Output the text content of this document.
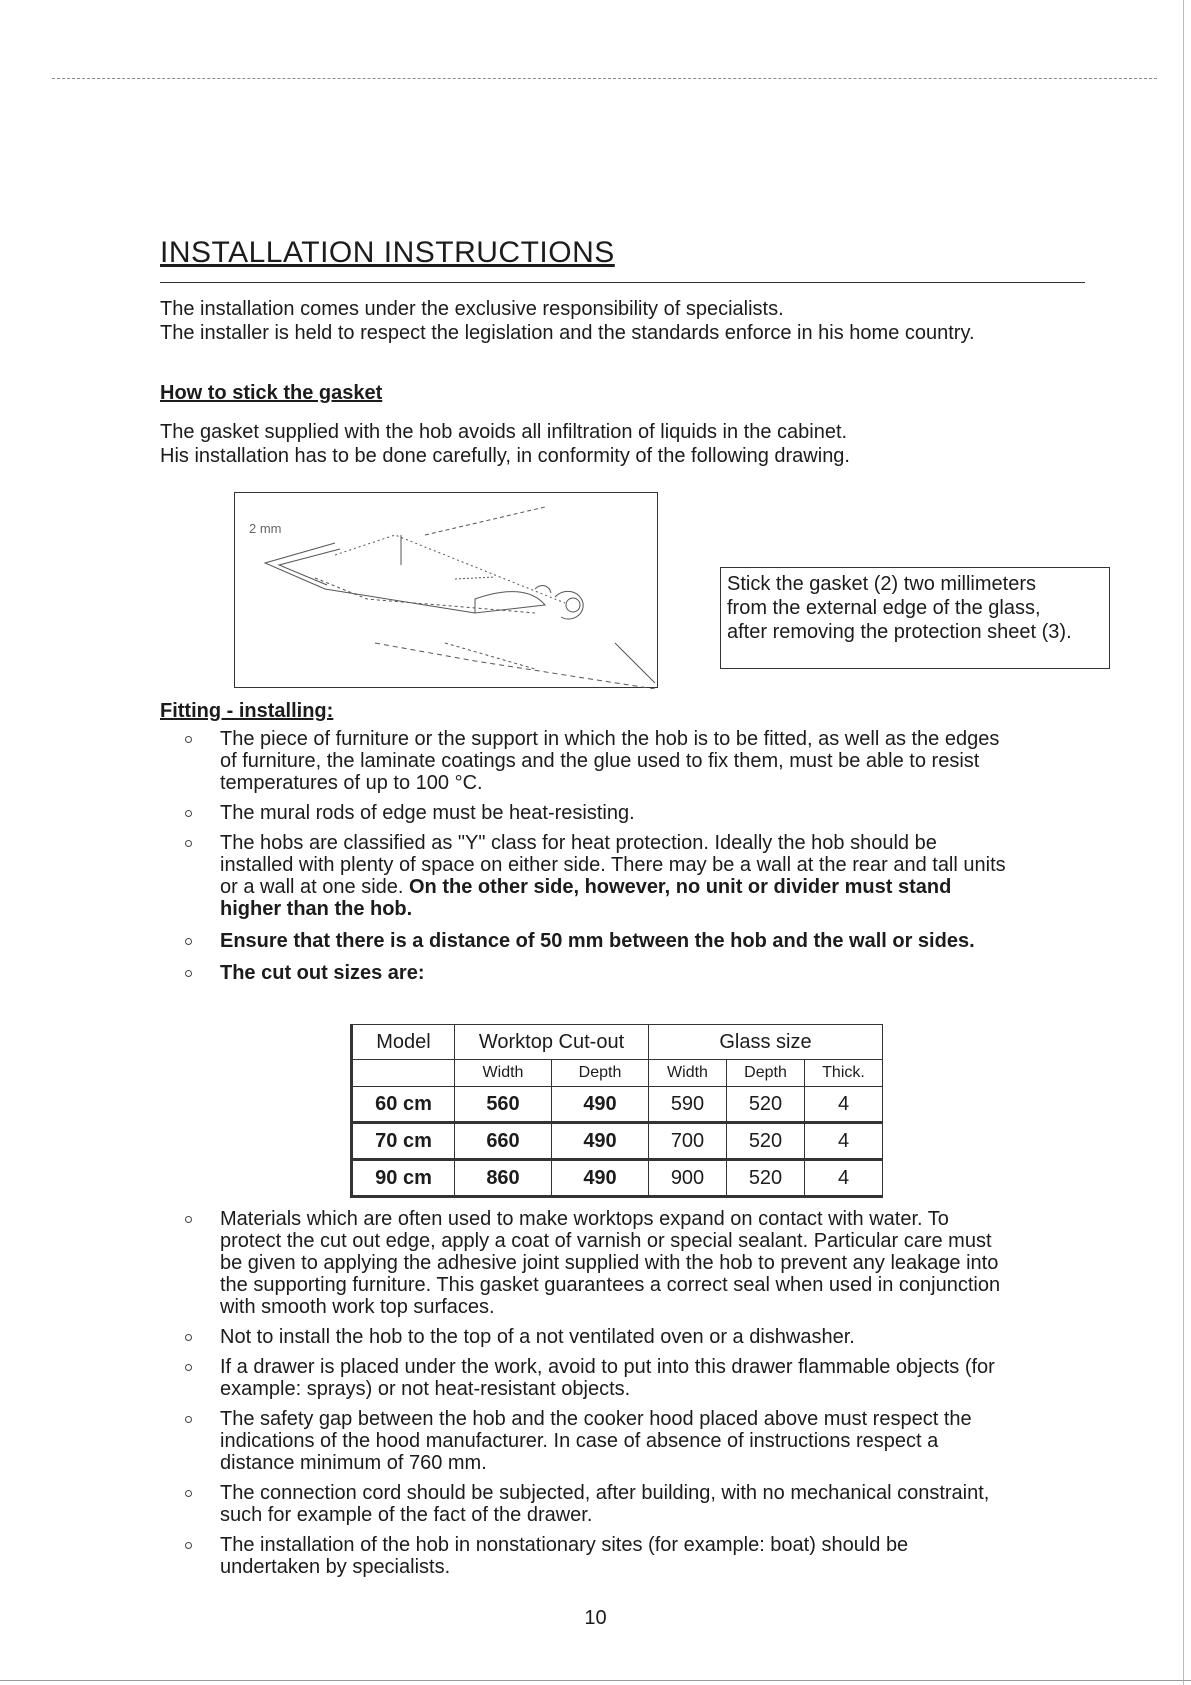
INSTALLATION INSTRUCTIONS

The installation comes under the exclusive responsibility of specialists.
The installer is held to respect the legislation and the standards enforce in his home country.

How to stick the gasket

The gasket supplied with the hob avoids all infiltration of liquids in the cabinet.
His installation has to be done carefully, in conformity of the following drawing.

2 mm
Stick the gasket (2) two millimeters
from the external edge of the glass,
after removing the protection sheet (3).
Fitting - installing:
The piece of furniture or the support in which the hob is to be fitted, as well as the edges
of furniture, the laminate coatings and the glue used to fix them, must be able to resist
temperatures of up to 100 °C.
The mural rods of edge must be heat-resisting.
The hobs are classified as "Y" class for heat protection. Ideally the hob should be
installed with plenty of space on either side. There may be a wall at the rear and tall units
or a wall at one side. On the other side, however, no unit or divider must stand
higher than the hob.
Ensure that there is a distance of 50 mm between the hob and the wall or sides.
The cut out sizes are:
Model	Worktop Cut-out		Glass size		
	Width	Depth	Width	Depth	Thick.
60 cm	560	490	590	520	4
70 cm	660	490	700	520	4
90 cm	860	490	900	520	4
Materials which are often used to make worktops expand on contact with water. To
protect the cut out edge, apply a coat of varnish or special sealant. Particular care must
be given to applying the adhesive joint supplied with the hob to prevent any leakage into
the supporting furniture. This gasket guarantees a correct seal when used in conjunction
with smooth work top surfaces.
Not to install the hob to the top of a not ventilated oven or a dishwasher.
If a drawer is placed under the work, avoid to put into this drawer flammable objects (for
example: sprays) or not heat-resistant objects.
The safety gap between the hob and the cooker hood placed above must respect the
indications of the hood manufacturer. In case of absence of instructions respect a
distance minimum of 760 mm.
The connection cord should be subjected, after building, with no mechanical constraint,
such for example of the fact of the drawer.
The installation of the hob in nonstationary sites (for example: boat) should be
undertaken by specialists.
10
